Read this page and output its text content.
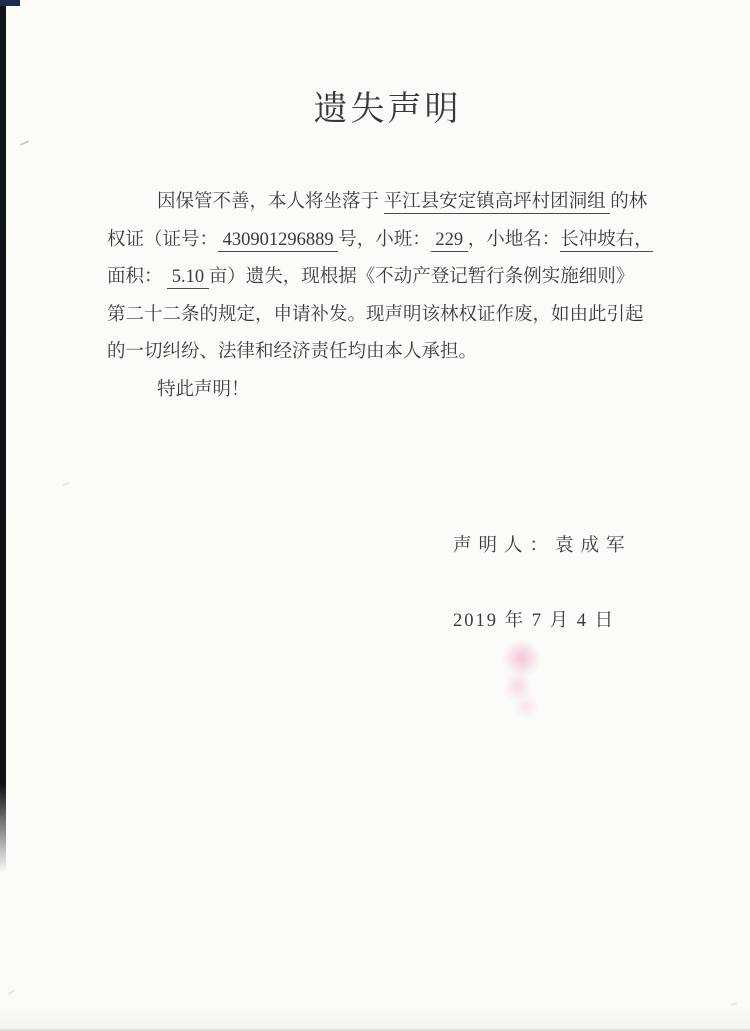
遗失声明

因保管不善，本人将坐落于 平江县安定镇高坪村团洞组 的林

权证（证号： 430901296889 号，小班： 229 ，小地名：长冲坡右，

面积：  5.10 亩）遗失，现根据《不动产登记暂行条例实施细则》

第二十二条的规定，申请补发。现声明该林权证作废，如由此引起

的一切纠纷、法律和经济责任均由本人承担。

特此声明！

声明人：袁成军
2019 年 7 月 4 日
